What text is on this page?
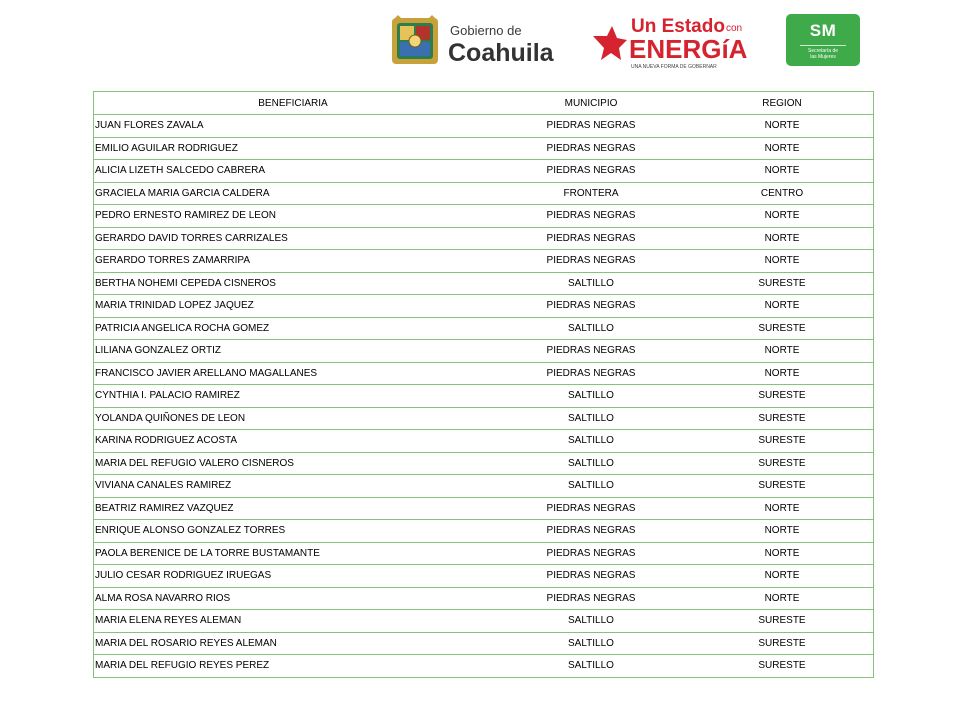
Gobierno de
Coahuila
Un Estado con
ENERGíA
UNA NUEVA FORMA DE GOBERNAR
SM
Secretaría de
las Mujeres
BENEFICIARIA	MUNICIPIO	REGION
JUAN FLORES ZAVALA	PIEDRAS NEGRAS	NORTE
EMILIO AGUILAR RODRIGUEZ	PIEDRAS NEGRAS	NORTE
ALICIA LIZETH SALCEDO CABRERA	PIEDRAS NEGRAS	NORTE
GRACIELA MARIA GARCIA CALDERA	FRONTERA	CENTRO
PEDRO ERNESTO RAMIREZ DE LEON	PIEDRAS NEGRAS	NORTE
GERARDO DAVID TORRES CARRIZALES	PIEDRAS NEGRAS	NORTE
GERARDO TORRES ZAMARRIPA	PIEDRAS NEGRAS	NORTE
BERTHA NOHEMI CEPEDA CISNEROS	SALTILLO	SURESTE
MARIA TRINIDAD LOPEZ JAQUEZ	PIEDRAS NEGRAS	NORTE
PATRICIA ANGELICA ROCHA GOMEZ	SALTILLO	SURESTE
LILIANA GONZALEZ ORTIZ	PIEDRAS NEGRAS	NORTE
FRANCISCO JAVIER ARELLANO MAGALLANES	PIEDRAS NEGRAS	NORTE
CYNTHIA I. PALACIO RAMIREZ	SALTILLO	SURESTE
YOLANDA QUIÑONES DE LEON	SALTILLO	SURESTE
KARINA RODRIGUEZ ACOSTA	SALTILLO	SURESTE
MARIA DEL REFUGIO VALERO CISNEROS	SALTILLO	SURESTE
VIVIANA CANALES RAMIREZ	SALTILLO	SURESTE
BEATRIZ RAMIREZ VAZQUEZ	PIEDRAS NEGRAS	NORTE
ENRIQUE ALONSO GONZALEZ TORRES	PIEDRAS NEGRAS	NORTE
PAOLA BERENICE DE LA TORRE BUSTAMANTE	PIEDRAS NEGRAS	NORTE
JULIO CESAR RODRIGUEZ IRUEGAS	PIEDRAS NEGRAS	NORTE
ALMA ROSA NAVARRO RIOS	PIEDRAS NEGRAS	NORTE
MARIA ELENA REYES ALEMAN	SALTILLO	SURESTE
MARIA DEL ROSARIO REYES ALEMAN	SALTILLO	SURESTE
MARIA DEL REFUGIO REYES PEREZ	SALTILLO	SURESTE
